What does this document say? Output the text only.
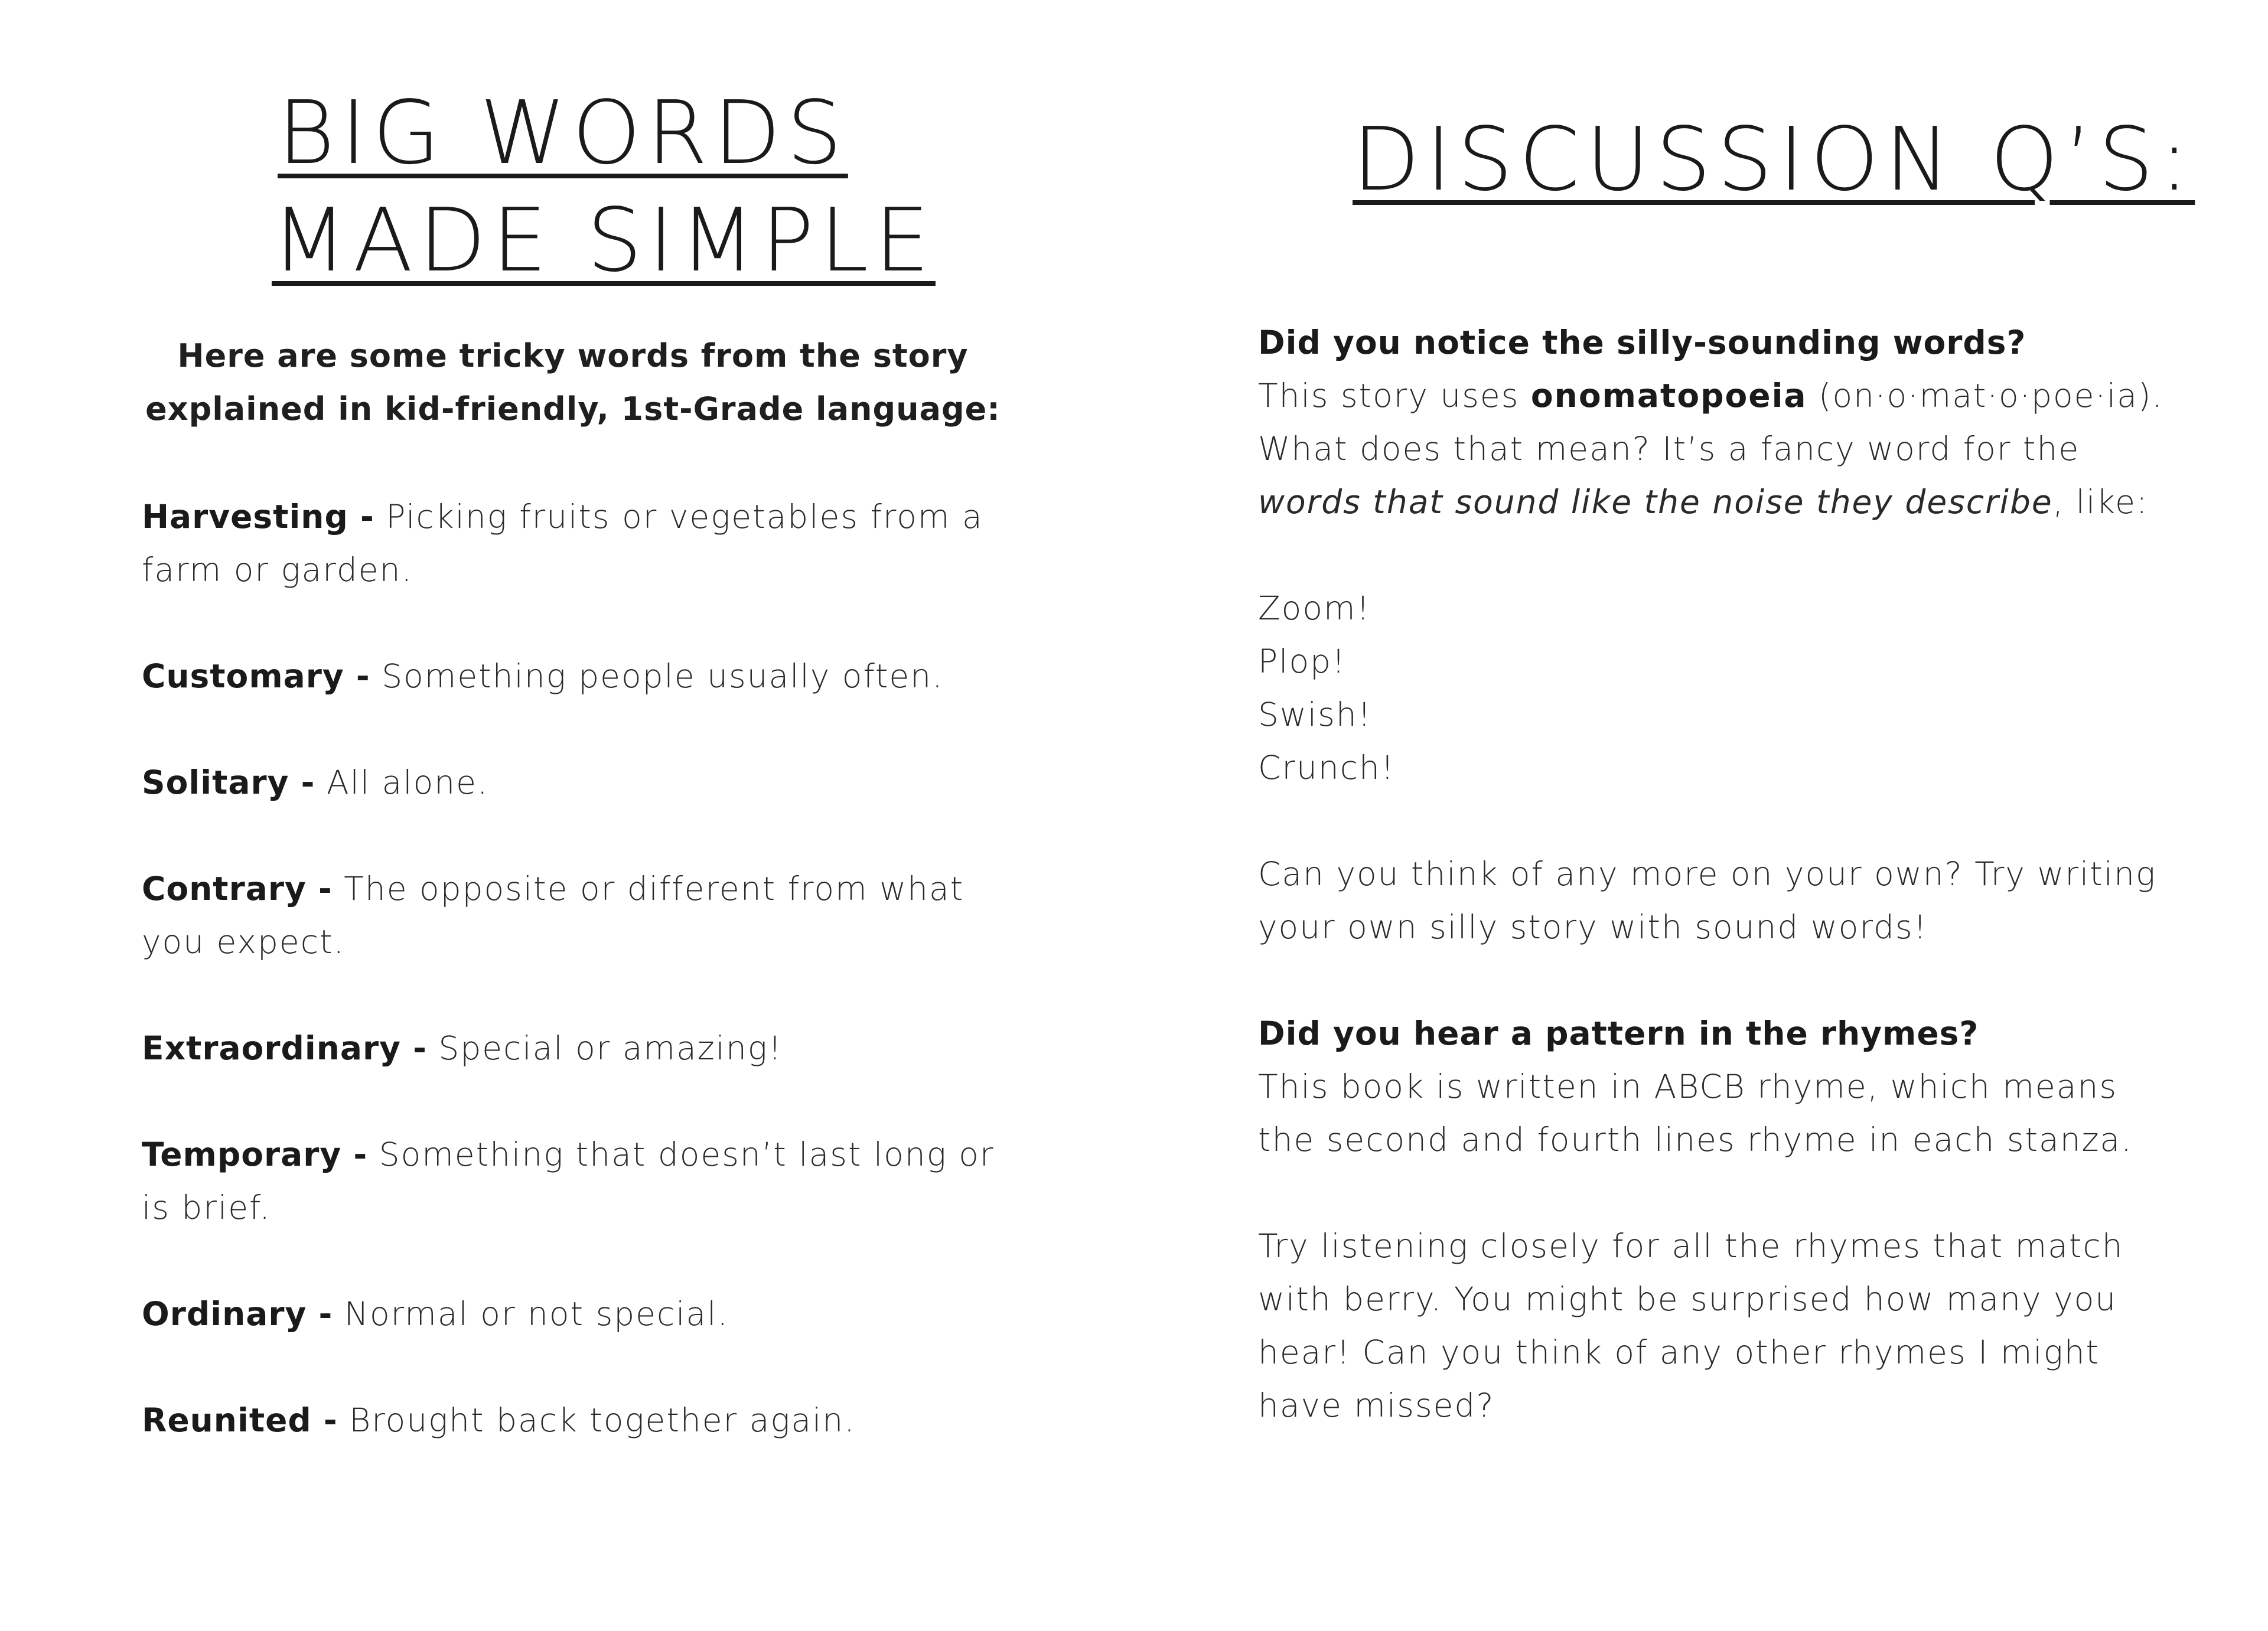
BIG WORDS
MADE SIMPLE

Here are some tricky words from the story
explained in kid-friendly, 1st-Grade language:

Harvesting - Picking fruits or vegetables from a farm or garden.
Customary - Something people usually often.
Solitary - All alone.
Contrary - The opposite or different from what you expect.
Extraordinary - Special or amazing!
Temporary - Something that doesn’t last long or is brief.
Ordinary - Normal or not special.
Reunited - Brought back together again.
DISCUSSION Q’S:

Did you notice the silly-sounding words?

This story uses onomatopoeia (on·o·mat·o·poe·ia).

What does that mean? It’s a fancy word for the

words that sound like the noise they describe, like:

Zoom!

Plop!

Swish!

Crunch!

Can you think of any more on your own? Try writing

your own silly story with sound words!

Did you hear a pattern in the rhymes?

This book is written in ABCB rhyme, which means

the second and fourth lines rhyme in each stanza.

Try listening closely for all the rhymes that match

with berry. You might be surprised how many you

hear! Can you think of any other rhymes I might

have missed?
